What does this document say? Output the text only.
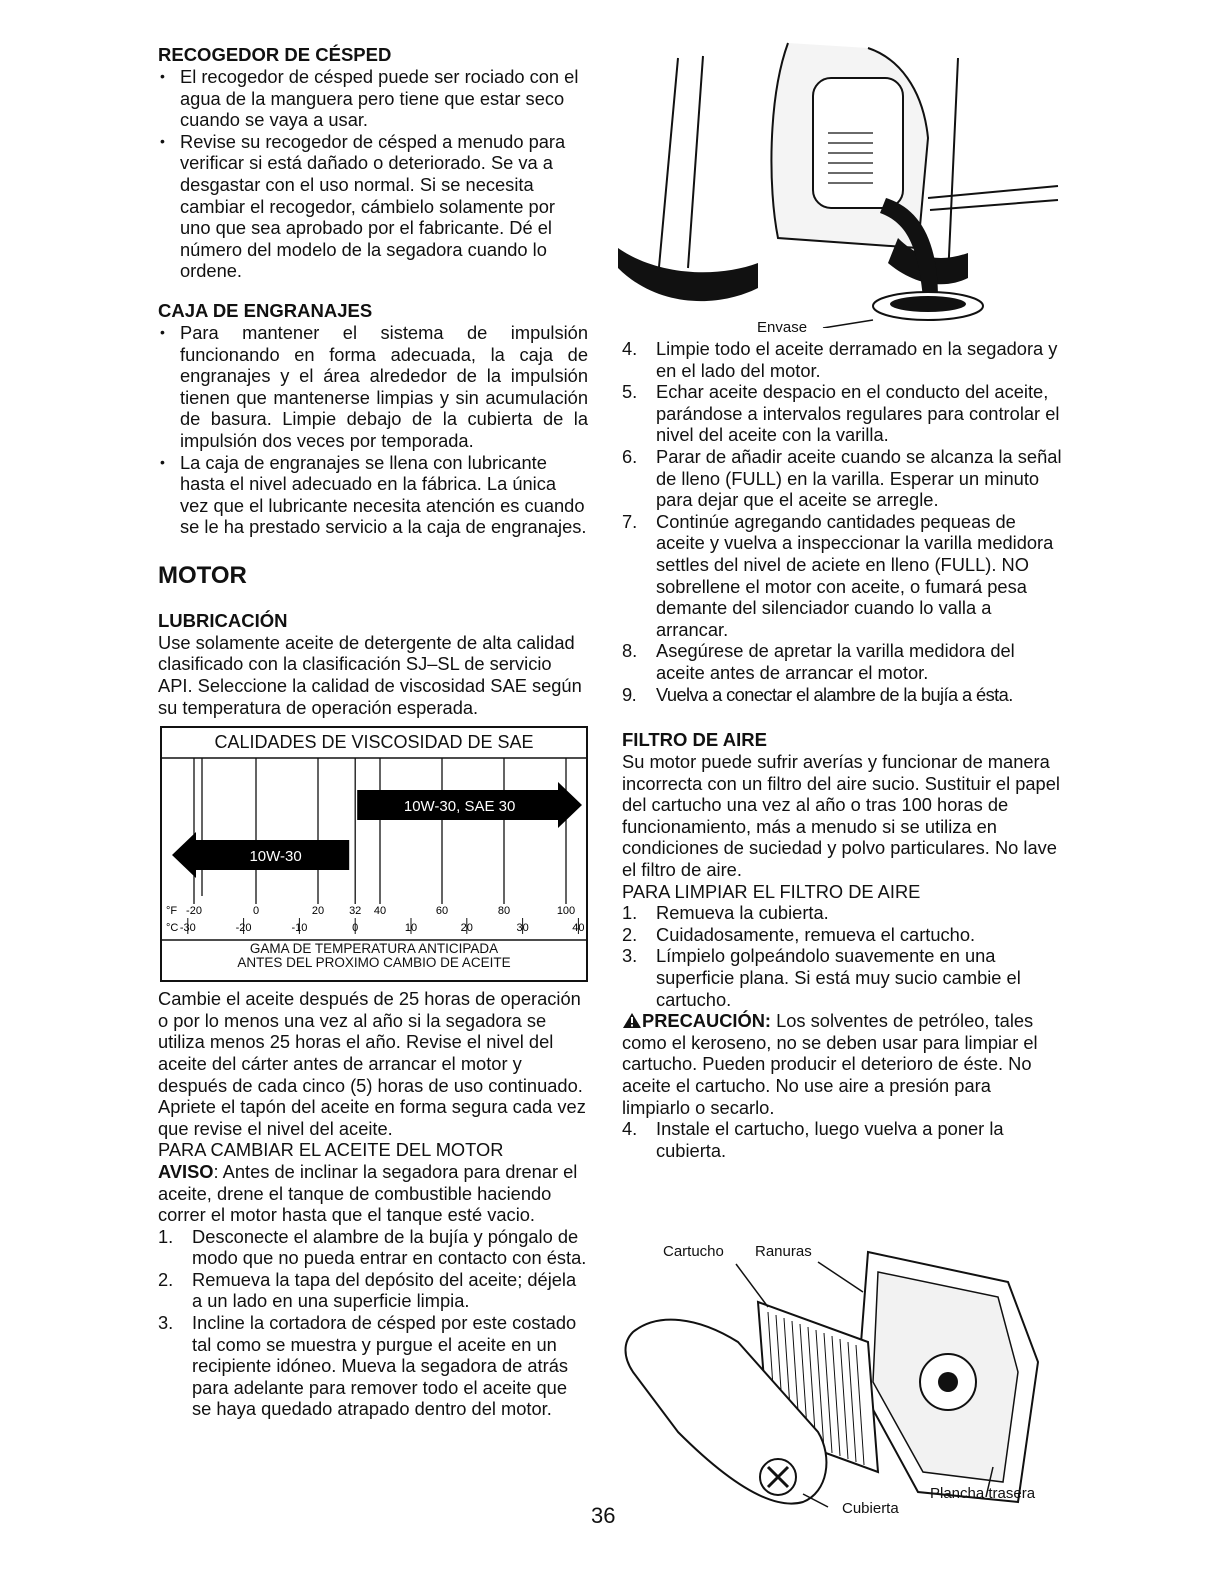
RECOGEDOR DE CÉSPED
• El recogedor de césped puede ser rociado con el agua de la manguera pero tiene que estar seco cuando se vaya a usar.
• Revise su recogedor de césped a menudo para verificar si está dañado o deteriorado. Se va a desgastar con el uso normal. Si se necesita cambiar el recogedor, cámbielo solamente por uno que sea aprobado por el fabricante. Dé el número del modelo de la segadora cuando lo ordene.
CAJA DE ENGRANAJES
• Para mantener el sistema de impulsión funcionando en forma adecuada, la caja de engranajes y el área alrededor de la impulsión tienen que mantenerse limpias y sin acumulación de basura. Limpie debajo de la cubierta de la impulsión dos veces por temporada.
• La caja de engranajes se llena con lubricante hasta el nivel adecuado en la fábrica. La única vez que el lubricante necesita atención es cuando se le ha prestado servicio a la caja de engranajes.
MOTOR
LUBRICACIÓN

Use solamente aceite de detergente de alta calidad clasificado con la clasificación SJ–SL de servicio API. Seleccione la calidad de viscosidad SAE según su temperatura de operación esperada.

CALIDADES DE VISCOSIDAD DE SAE
10W-30, SAE 30
10W-30
°F -20	0	20 32 40	60	80	100
°C -30	-20	-10	0	10	20	30	40
GAMA DE TEMPERATURA ANTICIPADA
ANTES DEL PROXIMO CAMBIO DE ACEITE

Cambie el aceite después de 25 horas de operación o por lo menos una vez al año si la segadora se utiliza menos 25 horas el año. Revise el nivel del aceite del cárter antes de arrancar el motor y después de cada cinco (5) horas de uso continuado. Apriete el tapón del aceite en forma segura cada vez que revise el nivel del aceite.

PARA CAMBIAR EL ACEITE DEL MOTOR

AVISO: Antes de inclinar la segadora para drenar el aceite, drene el tanque de combustible haciendo correr el motor hasta que el tanque esté vacio.

1. Desconecte el alambre de la bujía y póngalo de modo que no pueda entrar en contacto con ésta.
2. Remueva la tapa del depósito del aceite; déjela a un lado en una superficie limpia.
3. Incline la cortadora de césped por este costado tal como se muestra y purgue el aceite en un recipiente idóneo. Mueva la segadora de atrás para adelante para remover todo el aceite que se haya quedado atrapado dentro del motor.
Envase
4. Limpie todo el aceite derramado en la segadora y en el lado del motor.
5. Echar aceite despacio en el conducto del aceite, parándose a intervalos regulares para controlar el nivel del aceite con la varilla.
6. Parar de añadir aceite cuando se alcanza la señal de lleno (FULL) en la varilla. Esperar un minuto para dejar que el aceite se arregle.
7. Continúe agregando cantidades pequeas de aceite y vuelva a inspeccionar la varilla medidora settles del nivel de aciete en lleno (FULL). NO sobrellene el motor con aceite, o fumará pesa demante del silenciador cuando lo valla a arrancar.
8. Asegúrese de apretar la varilla medidora del aceite antes de arrancar el motor.
9. Vuelva a conectar el alambre de la bujía a ésta.
FILTRO DE AIRE

Su motor puede sufrir averías y funcionar de manera incorrecta con un filtro del aire sucio. Sustituir el papel del cartucho una vez al año o tras 100 horas de funcionamiento, más a menudo si se utiliza en condiciones de suciedad y polvo particulares. No lave el filtro de aire.

PARA LIMPIAR EL FILTRO DE AIRE

1. Remueva la cubierta.
2. Cuidadosamente, remueva el cartucho.
3. Límpielo golpeándolo suavemente en una superficie plana. Si está muy sucio cambie el cartucho.

PRECAUCIÓN: Los solventes de petróleo, tales como el keroseno, no se deben usar para limpiar el cartucho. Pueden producir el deterioro de éste. No aceite el cartucho. No use aire a presión para limpiarlo o secarlo.

4. Instale el cartucho, luego vuelva a poner la cubierta.
Cartucho Ranuras
Plancha trasera
Cubierta
36
